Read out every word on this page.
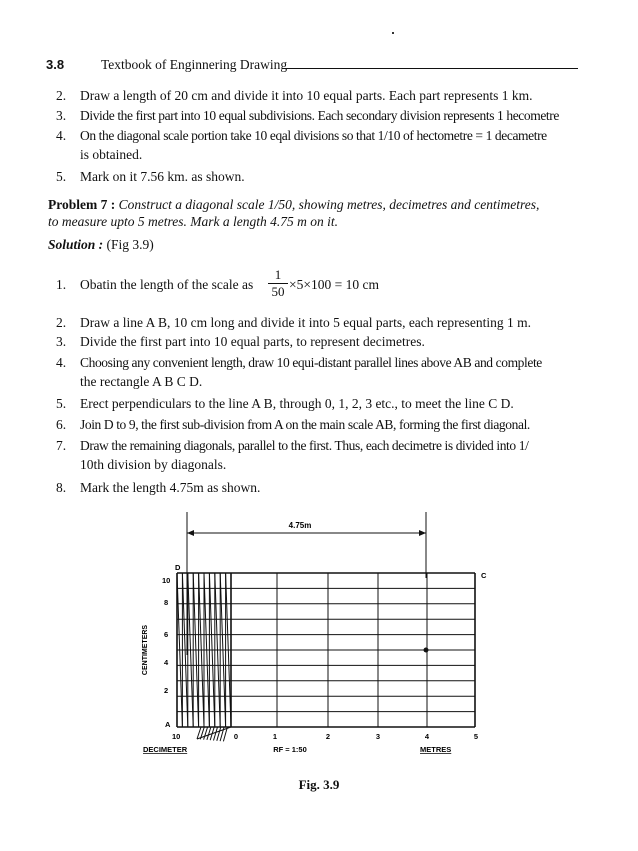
3.8	Textbook of Enginnering Drawing
2.	Draw a length of 20 cm and divide it into 10 equal parts. Each part represents 1 km.
3.	Divide the first part into 10 equal subdivisions. Each secondary division represents 1 hecometre
4.	On the diagonal scale portion take 10 eqal divisions so that 1/10 of hectometre = 1 decametre
is obtained.
5.	Mark on it 7.56 km. as shown.
Problem 7 : Construct a diagonal scale 1/50, showing metres, decimetres and centimetres,
to measure upto 5 metres. Mark a length 4.75 m on it.
Solution : (Fig 3.9)
1.	Obatin the length of the scale as
1
50 ×5×100 = 10 cm
2.	Draw a line A B, 10 cm long and divide it into 5 equal parts, each representing 1 m.
3.	Divide the first part into 10 equal parts, to represent decimetres.
4.	Choosing any convenient length, draw 10 equi-distant parallel lines above AB and complete
the rectangle A B C D.
5.	Erect perpendiculars to the line A B, through 0, 1, 2, 3 etc., to meet the line C D.
6.	Join D to 9, the first sub-division from A on the main scale AB, forming the first diagonal.
7.	Draw the remaining diagonals, parallel to the first. Thus, each decimetre is divided into 1/
10th division by diagonals.
8.	Mark the length 4.75m as shown.
4.75m
D
C
A
10
8
6
4
2
CENTIMETERS
10	0	1	2	3	4	5
DECIMETER	RF = 1:50	METRES
Fig. 3.9
